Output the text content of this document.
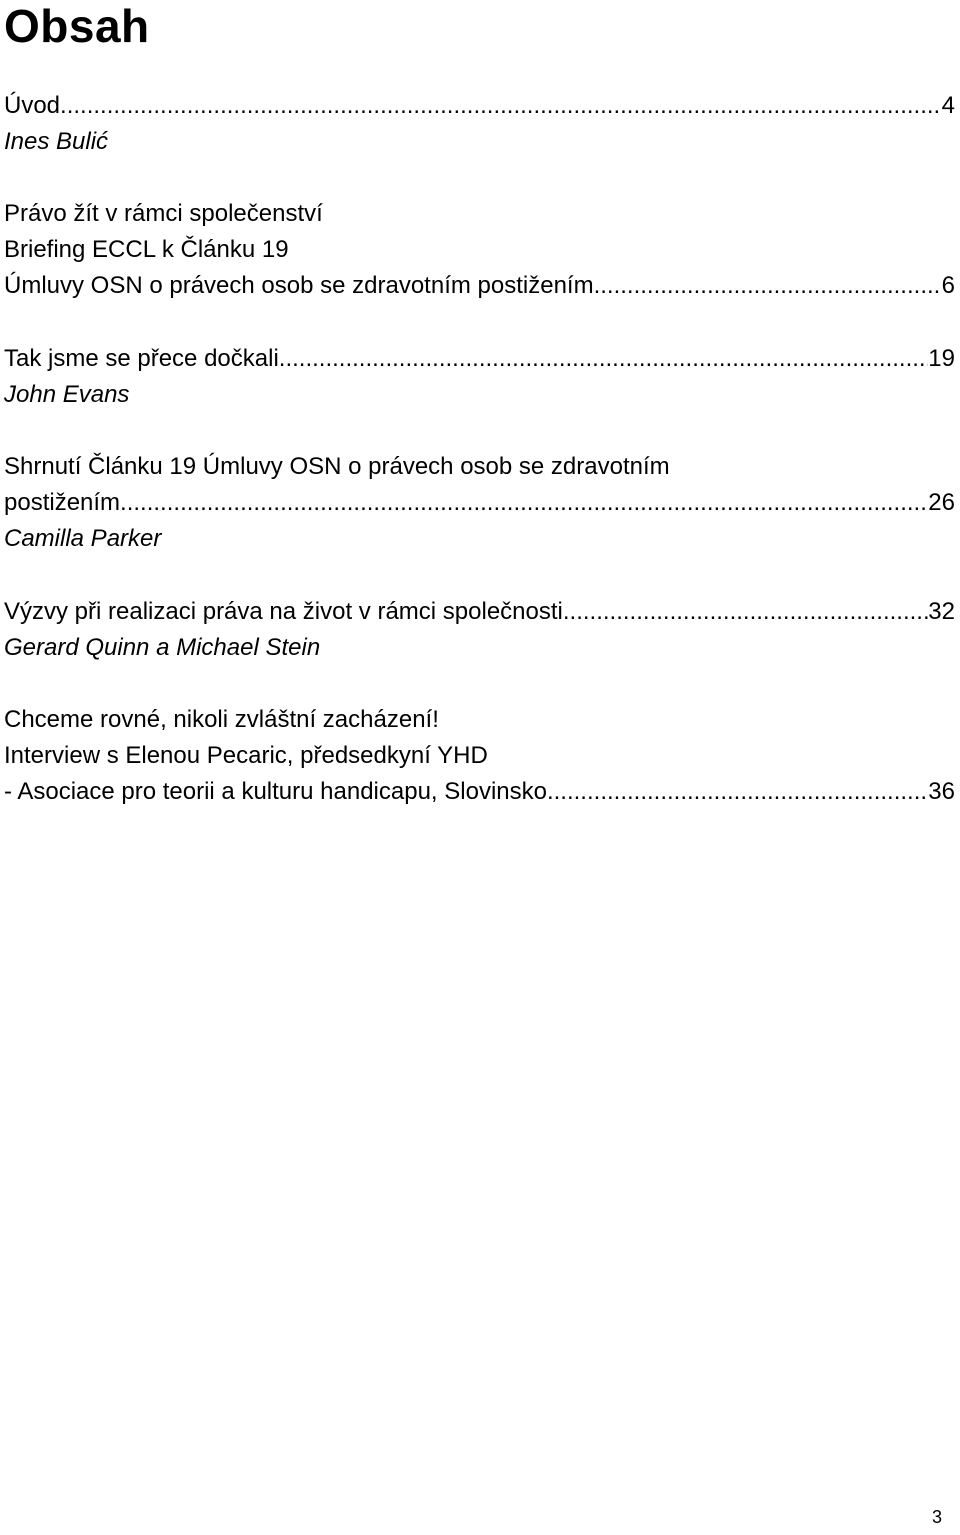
Obsah
Úvod .....	4
Ines Bulić
Právo žít v rámci společenství
Briefing ECCL k Článku 19
Úmluvy OSN o právech osob se zdravotním postižením. .....	6
Tak jsme se přece dočkali. .....	19
John Evans
Shrnutí Článku 19 Úmluvy OSN o právech osob se zdravotním
postižením. .....	26
Camilla Parker
Výzvy při realizaci práva na život v rámci společnosti. .....	32
Gerard Quinn a Michael Stein
Chceme rovné, nikoli zvláštní zacházení!
Interview s Elenou Pecaric, předsedkyní YHD
- Asociace pro teorii a kulturu handicapu, Slovinsko .....	36
3
